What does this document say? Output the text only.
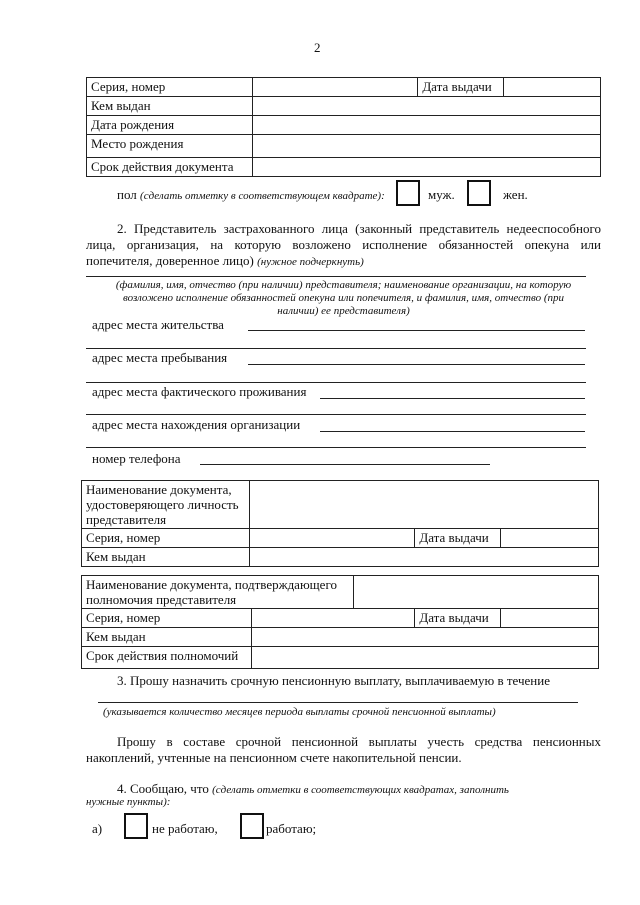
2
Серия, номер		Дата выдачи	
Кем выдан			
Дата рождения			
Место рождения			
Срок действия документа			
пол (сделать отметку в соответствующем квадрате):	муж.	жен.
2. Представитель застрахованного лица (законный представитель недееспособного
лица, организация, на которую возложено исполнение обязанностей опекуна или
попечителя, доверенное лицо) (нужное подчеркнуть)
(фамилия, имя, отчество (при наличии) представителя; наименование организации, на которую
возложено исполнение обязанностей опекуна или попечителя, и фамилия, имя, отчество (при
наличии) ее представителя)
адрес места жительства
адрес места пребывания
адрес места фактического проживания
адрес места нахождения организации
номер телефона
Наименование документа,
удостоверяющего личность
представителя			

Серия, номер		Дата выдачи	
Кем выдан			
Наименование документа, подтверждающего
полномочия представителя				

Серия, номер			Дата выдачи	
Кем выдан				
Срок действия полномочий				
3. Прошу назначить срочную пенсионную выплату, выплачиваемую в течение
(указывается количество месяцев периода выплаты срочной пенсионной выплаты)
Прошу в составе срочной пенсионной выплаты учесть средства пенсионных
накоплений, учтенные на пенсионном счете накопительной пенсии.
4. Сообщаю, что (сделать отметки в соответствующих квадратах, заполнить
нужные пункты):
а)	не работаю,	работаю;
